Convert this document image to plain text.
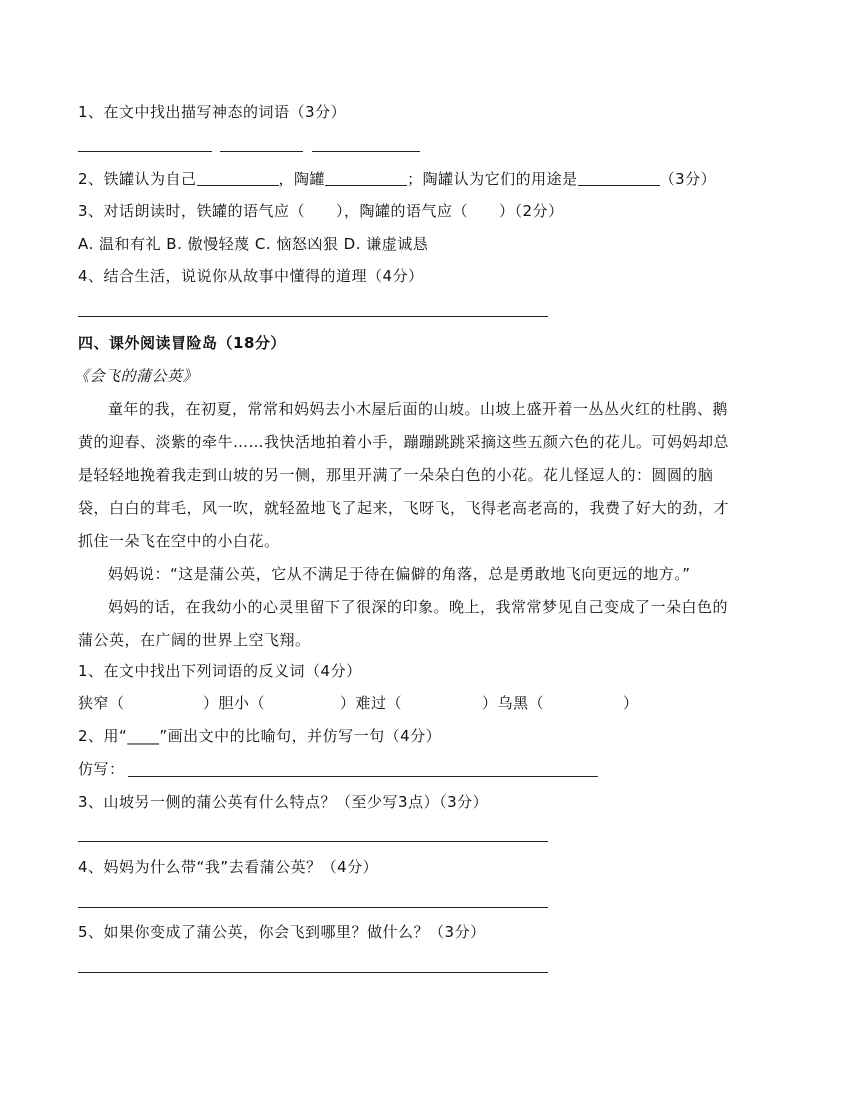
1、在文中找出描写神态的词语（3分）
2、铁罐认为自己	，陶罐	；陶罐认为它们的用途是	（3分）
3、对话朗读时，铁罐的语气应（　　），陶罐的语气应（　　）（2分）
A. 温和有礼 B. 傲慢轻蔑 C. 恼怒凶狠 D. 谦虚诚恳
4、结合生活，说说你从故事中懂得的道理（4分）
四、课外阅读冒险岛（18分）
《会飞的蒲公英》
童年的我，在初夏，常常和妈妈去小木屋后面的山坡。山坡上盛开着一丛丛火红的杜鹃、鹅
黄的迎春、淡紫的牵牛……我快活地拍着小手，蹦蹦跳跳采摘这些五颜六色的花儿。可妈妈却总
是轻轻地挽着我走到山坡的另一侧，那里开满了一朵朵白色的小花。花儿怪逗人的：圆圆的脑
袋，白白的茸毛，风一吹，就轻盈地飞了起来，飞呀飞，飞得老高老高的，我费了好大的劲，才
抓住一朵飞在空中的小白花。
妈妈说：“这是蒲公英，它从不满足于待在偏僻的角落，总是勇敢地飞向更远的地方。”
妈妈的话，在我幼小的心灵里留下了很深的印象。晚上，我常常梦见自己变成了一朵白色的
蒲公英，在广阔的世界上空飞翔。
1、在文中找出下列词语的反义词（4分）
狭窄（	）胆小（	）难过（	）乌黑（	）
2、用“____”画出文中的比喻句，并仿写一句（4分）
仿写：
3、山坡另一侧的蒲公英有什么特点？（至少写3点）（3分）
4、妈妈为什么带“我”去看蒲公英？（4分）
5、如果你变成了蒲公英，你会飞到哪里？做什么？（3分）
